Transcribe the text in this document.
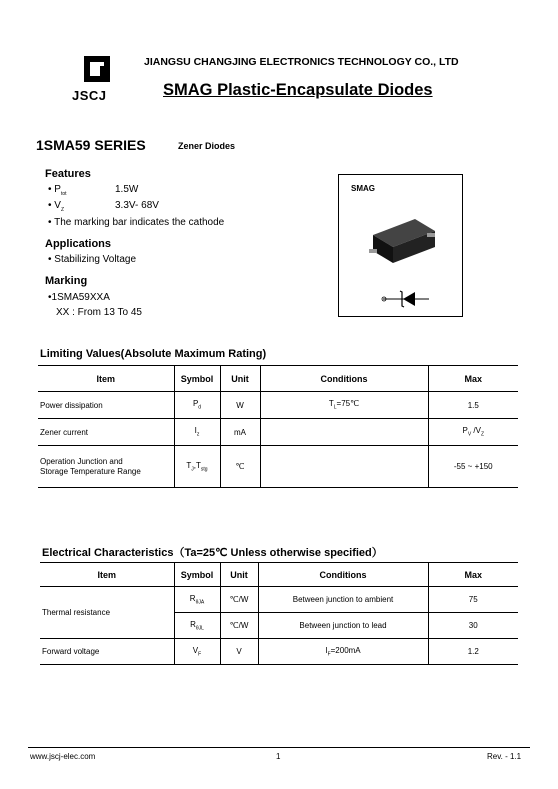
JSCJ
JIANGSU CHANGJING ELECTRONICS TECHNOLOGY CO., LTD
SMAG Plastic-Encapsulate Diodes
1SMA59 SERIES	Zener Diodes
Features
• $P_{tot}$	1.5W
• $V_Z$	3.3V- 68V
• The marking bar indicates the cathode
Applications
• Stabilizing Voltage
Marking
•1SMA59XXA
XX : From 13 To 45
SMAG
Limiting Values(Absolute Maximum Rating)
Item	Symbol	Unit	Conditions	Max
Power dissipation	$P_d$	W	$T_L=75℃$	1.5
Zener current	$I_z$	mA		$P_V$ $/V_Z$

Operation Junction and
Storage Temperature Range	$T_J,T_{stg}$	℃		-55 ~ +150
Electrical Characteristics（Ta=25℃ Unless otherwise specified）
Item	Symbol	Unit	Conditions	Max
Thermal resistance	$R_{\theta JA}$	℃/W	Between junction to ambient	75
	$R_{\theta JL}$	℃/W	Between junction to lead	30
Forward voltage	$V_F$	V	$I_F=200mA$	1.2
www.jscj-elec.com	1	Rev. - 1.1
